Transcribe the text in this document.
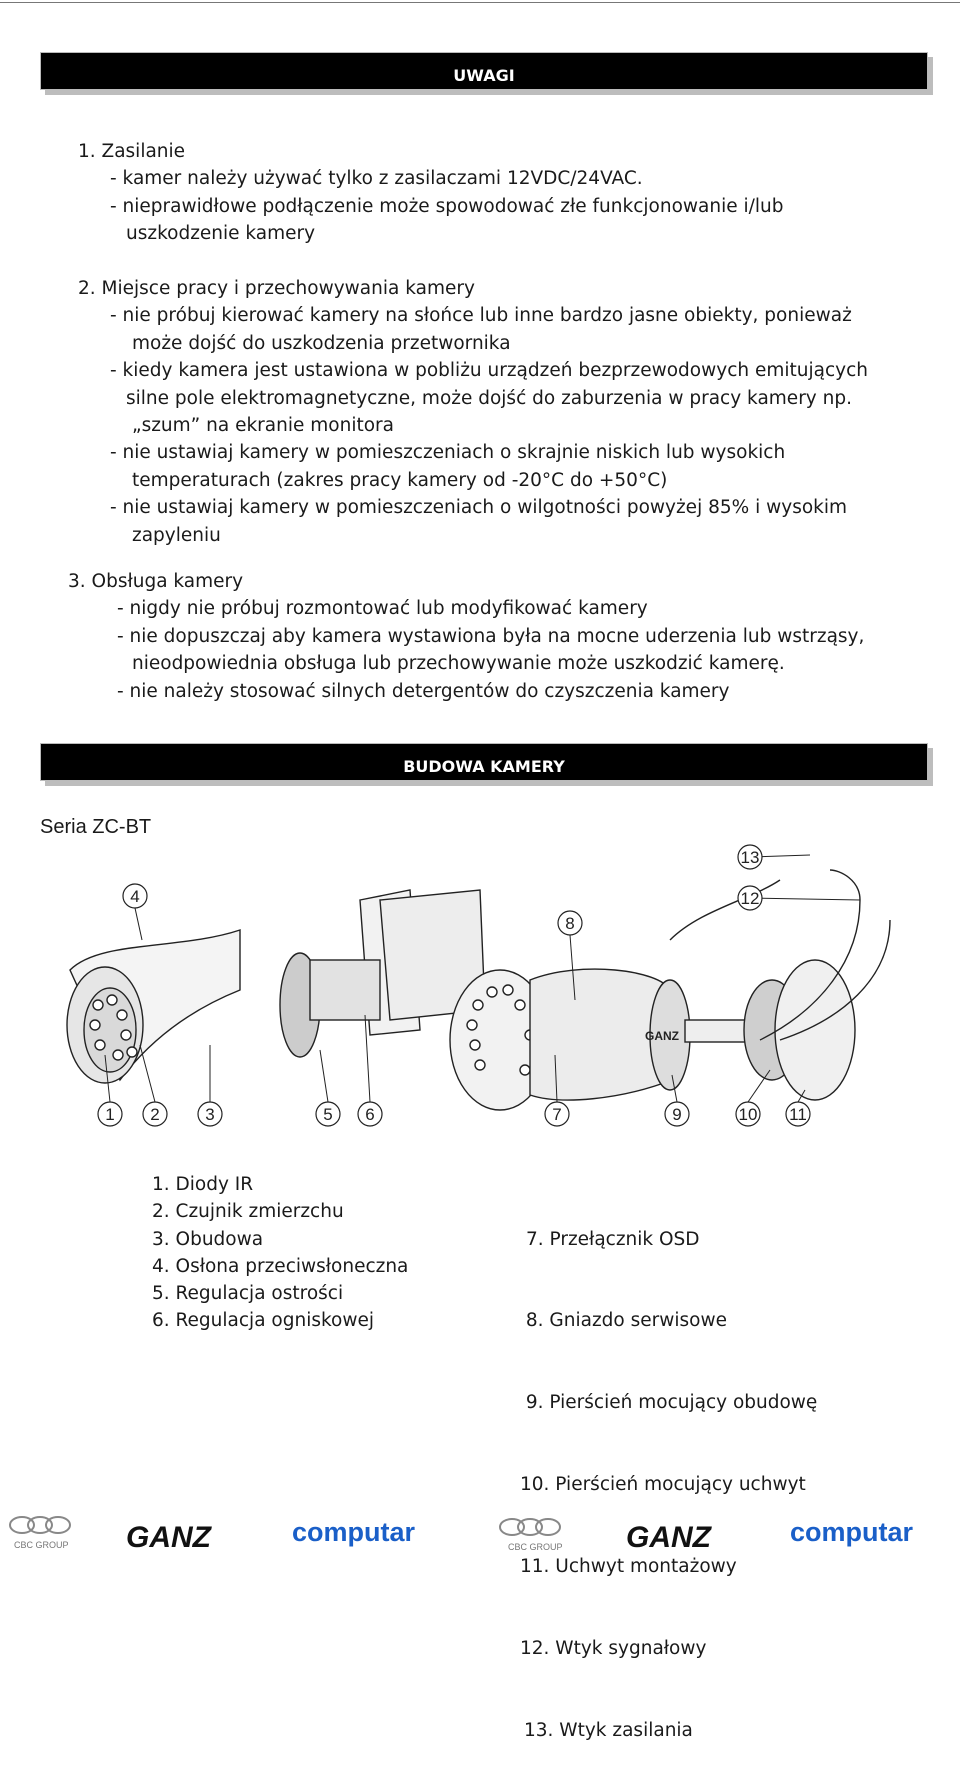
UWAGI
1. Zasilanie
- kamer należy używać tylko z zasilaczami 12VDC/24VAC.
- nieprawidłowe podłączenie może spowodować złe funkcjonowanie i/lub
uszkodzenie kamery
2. Miejsce pracy i przechowywania kamery
- nie próbuj kierować kamery na słońce lub inne bardzo jasne obiekty, ponieważ
może dojść do uszkodzenia przetwornika
- kiedy kamera jest ustawiona w pobliżu urządzeń bezprzewodowych emitujących
silne pole elektromagnetyczne, może dojść do zaburzenia w pracy kamery np.
„szum” na ekranie monitora
- nie ustawiaj kamery w pomieszczeniach o skrajnie niskich lub wysokich
temperaturach (zakres pracy kamery od -20°C do +50°C)
- nie ustawiaj kamery w pomieszczeniach o wilgotności powyżej 85% i wysokim
zapyleniu
3. Obsługa kamery
- nigdy nie próbuj rozmontować lub modyfikować kamery
- nie dopuszczaj aby kamera wystawiona była na mocne uderzenia lub wstrząsy,
nieodpowiednia obsługa lub przechowywanie może uszkodzić kamerę.
- nie należy stosować silnych detergentów do czyszczenia kamery
BUDOWA KAMERY
Seria ZC-BT
GANZ
1 2	3
4
5 6	7
8
9	10 11
12
13
1. Diody IR
2. Czujnik zmierzchu
3. Obudowa
4. Osłona przeciwsłoneczna
5. Regulacja ostrości
6. Regulacja ogniskowej

7. Przełącznik OSD

8. Gniazdo serwisowe

9. Pierścień mocujący obudowę

10. Pierścień mocujący uchwyt

11. Uchwyt montażowy

12. Wtyk sygnałowy

13. Wtyk zasilania

CBC GROUP GANZ	computar	CBC GROUP GANZ	computar
